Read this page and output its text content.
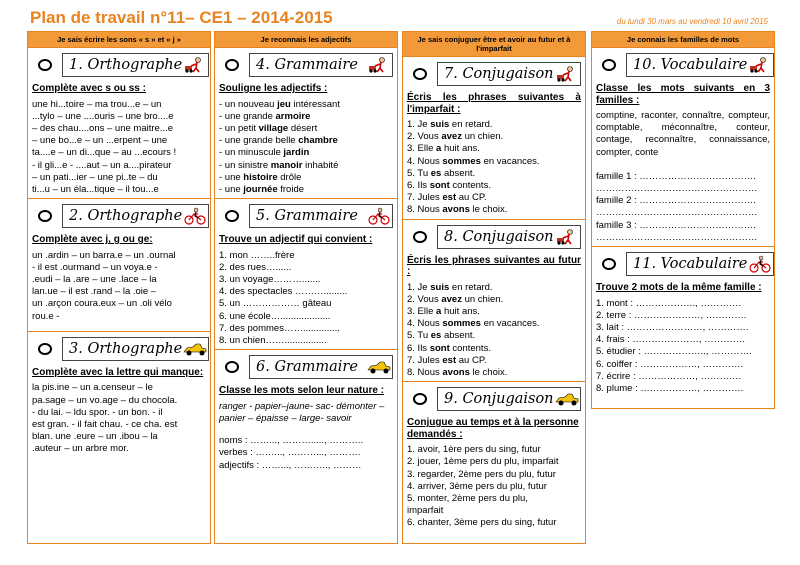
Plan de travail n°11– CE1 – 2014-2015	du lundi 30 mars au vendredi 10 avril 2015
Je sais écrire les sons « s » et « j »
1. Orthographe
Complète avec s ou ss :
une hi...toire – ma trou...e – un
...tylo – une ....ouris – une bro....e
– des chau....ons – une maitre...e
– une bo...e – un ...erpent – une
ta....e – un di...que – au ...ecours !
- il gli...e - ....aut – un a....pirateur
– un pati...ier – une pi..te – du
ti...u – un éla...tique – il tou...e
2. Orthographe
Complète avec j, g ou ge:
un .ardin – un barra.e – un .ournal
- il est .ourmand – un voya.e -
.eudi – la .are – une .lace – la
lan.ue – il est .rand – la .oie –
un .arçon coura.eux – un .oli vélo
rou.e -
3. Orthographe
Complète avec la lettre qui manque:
la pis.ine – un a.censeur – le
pa.sage – un vo.age – du chocola.
- du lai. – ldu spor. - un bon. - il
est gran. - il fait chau. - ce cha. est
blan. une .eure – un .ibou – la
.auteur – un arbre mor.
Je reconnais les adjectifs
4. Grammaire
Souligne les adjectifs :
- un nouveau jeu intéressant
- une grande armoire
- un petit village désert
- une grande belle chambre
- un minuscule jardin
- un sinistre manoir inhabité
- une histoire drôle
- une journée froide
5. Grammaire
Trouve un adjectif qui convient :
1. mon ……..frère
2. des rues…......
3. un voyage……….......
4. des spectacles ……….........
5. un ……………… gâteau
6. une école…...................
7. des pommes……..............
8. un chien……................
6. Grammaire
Classe les mots selon leur nature :
ranger - papier–jaune- sac- démonter – panier – épaisse – large- savoir
noms : ……..., ………....., ………..
verbes : ……..., ………..., ……….
adjectifs : ……..., ……….., ………
Je sais conjuguer être et avoir au futur et à l'imparfait
7. Conjugaison
Écris les phrases suivantes à l'imparfait :
1. Je suis en retard.
2. Vous avez un chien.
3. Elle a huit ans.
4. Nous sommes en vacances.
5. Tu es absent.
6. Ils sont contents.
7. Jules est au CP.
8. Nous avons le choix.
8. Conjugaison
Écris les phrases suivantes au futur :
1. Je suis en retard.
2. Vous avez un chien.
3. Elle a huit ans.
4. Nous sommes en vacances.
5. Tu es absent.
6. Ils sont contents.
7. Jules est au CP.
8. Nous avons le choix.
9. Conjugaison
Conjugue au temps et à la personne demandés :
1. avoir, 1ère pers du sing, futur
2. jouer, 1ème pers du plu, imparfait
3. regarder, 2ème pers du plu, futur
4. arriver, 3ème pers du plu, futur
5. monter, 2ème pers du plu,
imparfait
6. chanter, 3ème pers du sing, futur
Je connais les familles de mots
10. Vocabulaire
Classe les mots suivants en 3 familles :
comptine, raconter, connaître, compteur, comptable, méconnaître, conteur, contage, reconnaître, connaissance, compter, conte
famille 1 : ……………………………….
……………………………………………
famille 2 : ……………………………….
……………………………………………
famille 3 : ……………………………….
……………………………………………
11. Vocabulaire
Trouve 2 mots de la même famille :
1. mont : ………………., ………….
2. terre : …………………, ………….
3. lait : ……………………, ………….
4. frais : …………………, ………….
5. étudier : ……………….., ………….
6. coiffer : ………………, ………….
7. écrire : ………………, ………….
8. plume : ………………, ………….
